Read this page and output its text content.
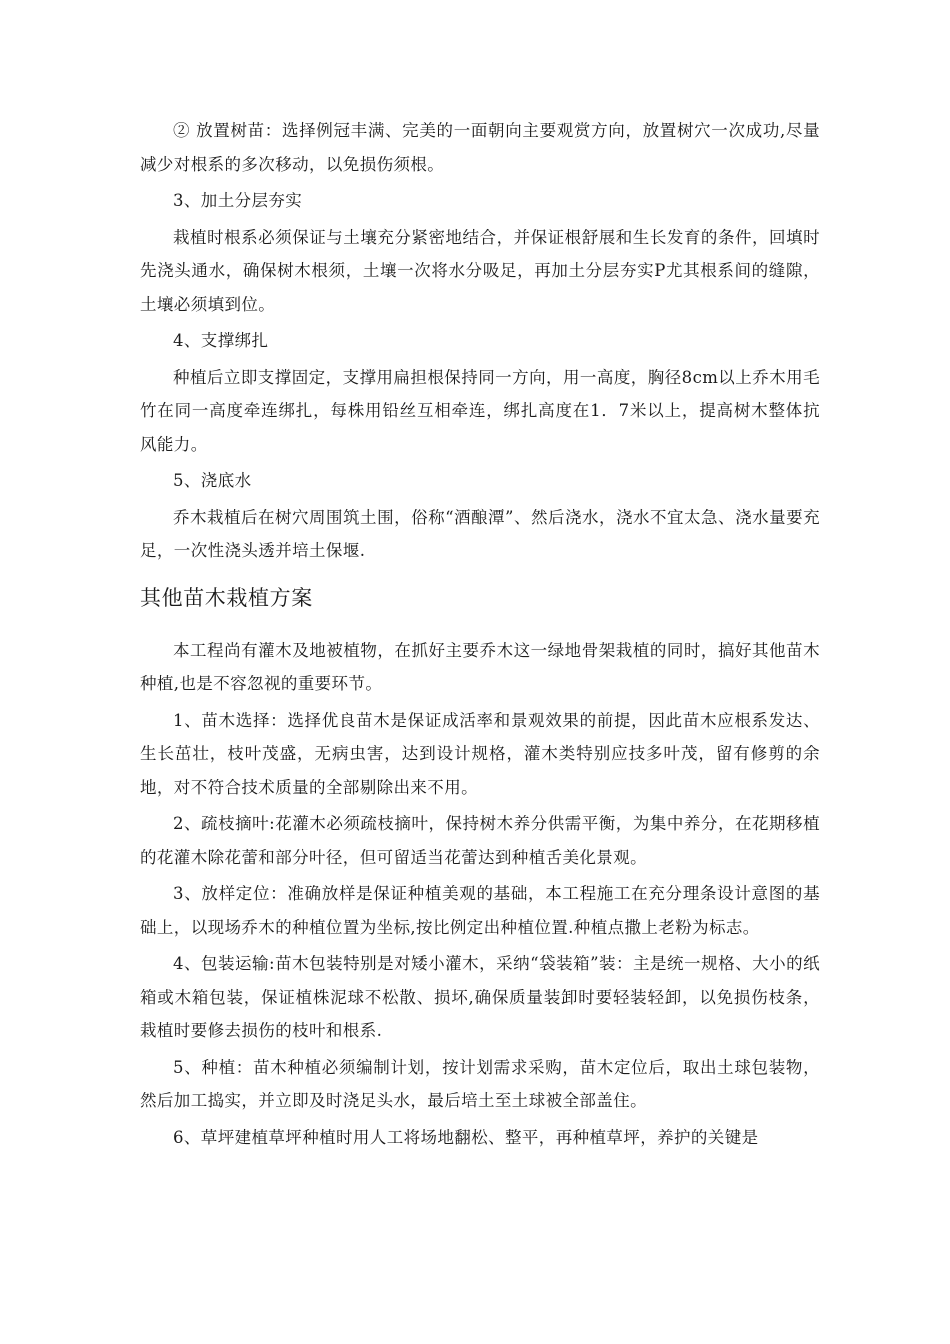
② 放置树苗：选择例冠丰满、完美的一面朝向主要观赏方向，放置树穴一次成功,尽量减少对根系的多次移动，以免损伤须根。

3、加土分层夯实

栽植时根系必须保证与土壤充分紧密地结合，并保证根舒展和生长发育的条件，回填时先浇头通水，确保树木根须，土壤一次将水分吸足，再加土分层夯实P尤其根系间的缝隙，土壤必须填到位。

4、支撑绑扎

种植后立即支撑固定，支撑用扁担根保持同一方向，用一高度，胸径8cm以上乔木用毛竹在同一高度牵连绑扎，每株用铅丝互相牵连，绑扎高度在1．7米以上，提高树木整体抗风能力。

5、浇底水

乔木栽植后在树穴周围筑土围，俗称“酒酿潭”、然后浇水，浇水不宜太急、浇水量要充足，一次性浇头透并培土保堰.

其他苗木栽植方案

本工程尚有灌木及地被植物，在抓好主要乔木这一绿地骨架栽植的同时，搞好其他苗木种植,也是不容忽视的重要环节。

1、苗木选择：选择优良苗木是保证成活率和景观效果的前提，因此苗木应根系发达、生长茁壮，枝叶茂盛，无病虫害，达到设计规格，灌木类特别应技多叶茂，留有修剪的余地，对不符合技术质量的全部剔除出来不用。

2、疏枝摘叶:花灌木必须疏枝摘叶，保持树木养分供需平衡，为集中养分，在花期移植的花灌木除花蕾和部分叶径，但可留适当花蕾达到种植舌美化景观。

3、放样定位：准确放样是保证种植美观的基础，本工程施工在充分理条设计意图的基础上，以现场乔木的种植位置为坐标,按比例定出种植位置.种植点撒上老粉为标志。

4、包装运输:苗木包装特别是对矮小灌木，采纳“袋装箱”装：主是统一规格、大小的纸箱或木箱包装，保证植株泥球不松散、损坏,确保质量装卸时要轻装轻卸，以免损伤枝条，栽植时要修去损伤的枝叶和根系.

5、种植：苗木种植必须编制计划，按计划需求采购，苗木定位后，取出土球包装物，然后加工捣实，并立即及时浇足头水，最后培土至土球被全部盖住。

6、草坪建植草坪种植时用人工将场地翻松、整平，再种植草坪，养护的关键是
